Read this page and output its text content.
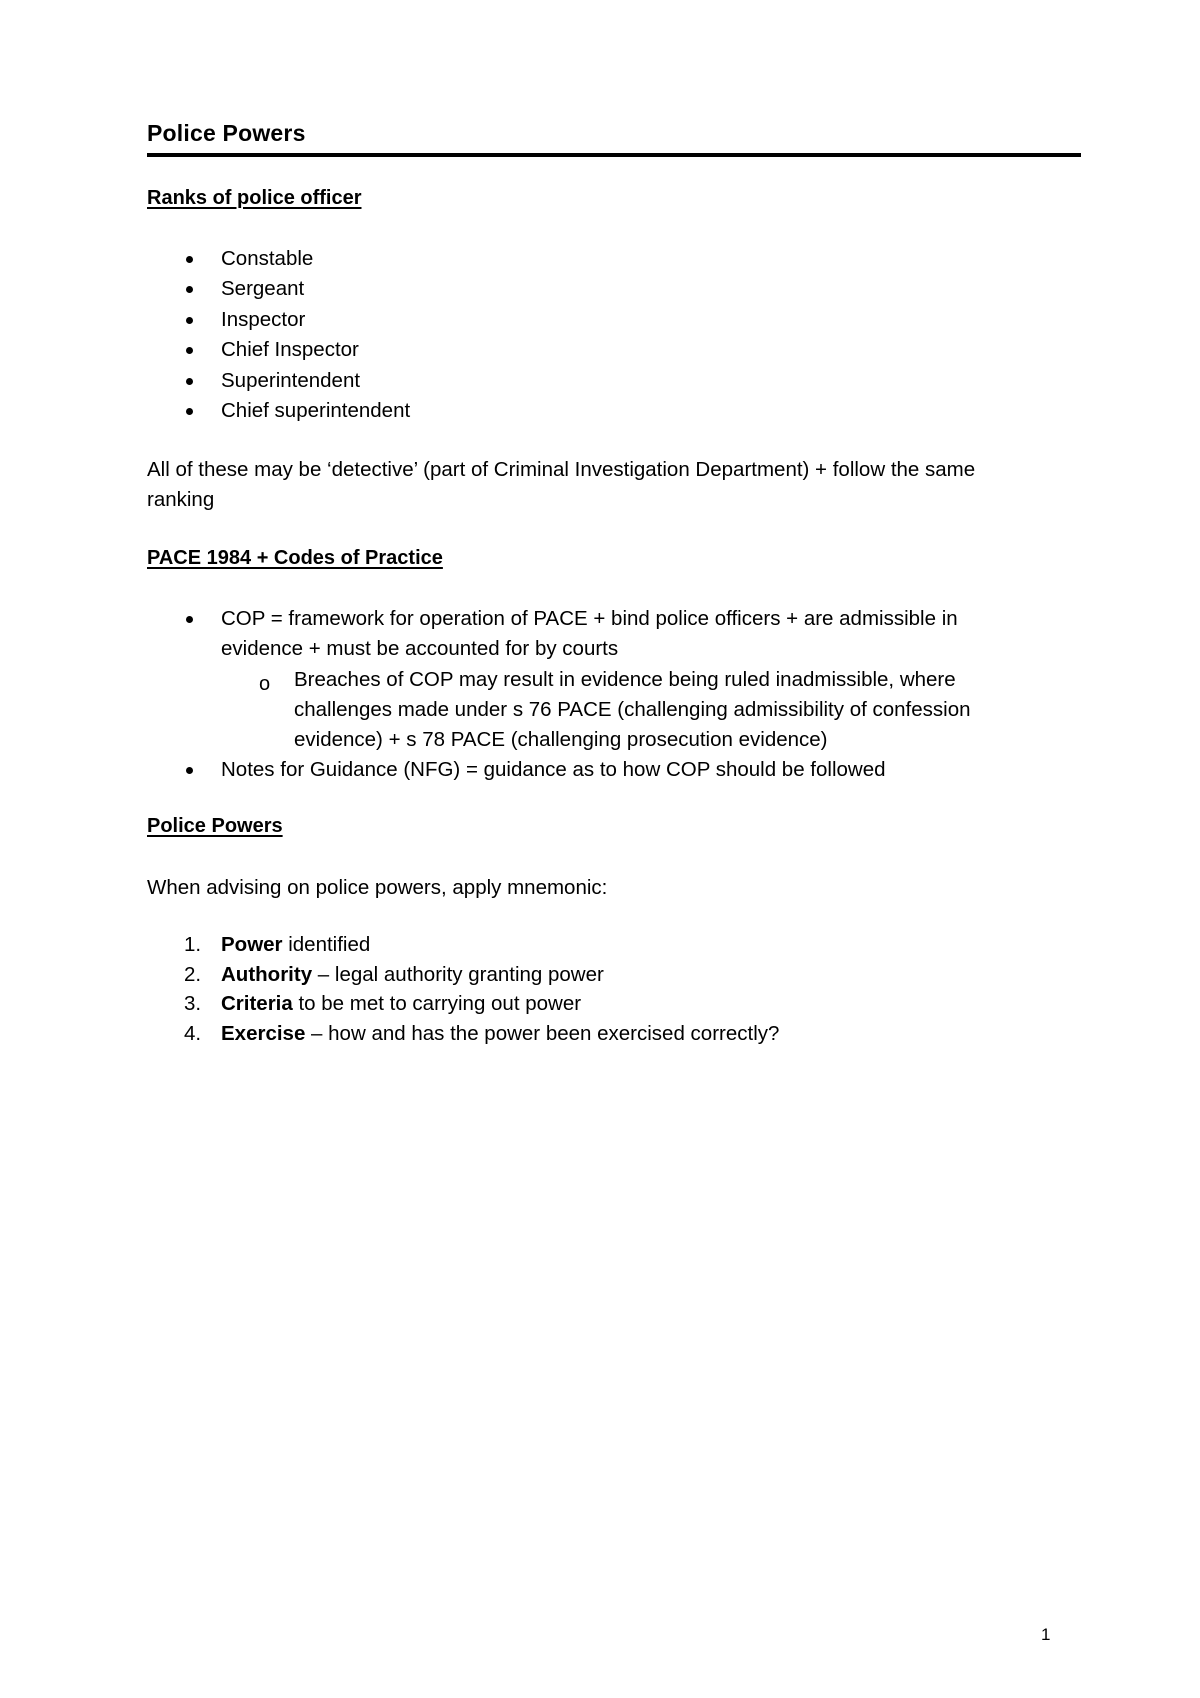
Police Powers
Ranks of police officer
Constable
Sergeant
Inspector
Chief Inspector
Superintendent
Chief superintendent
All of these may be ‘detective’ (part of Criminal Investigation Department) + follow the same ranking
PACE 1984 + Codes of Practice
COP = framework for operation of PACE + bind police officers + are admissible in evidence + must be accounted for by courts
o Breaches of COP may result in evidence being ruled inadmissible, where challenges made under s 76 PACE (challenging admissibility of confession evidence) + s 78 PACE (challenging prosecution evidence)
Notes for Guidance (NFG) = guidance as to how COP should be followed
Police Powers
When advising on police powers, apply mnemonic:
1. Power identified
2. Authority – legal authority granting power
3. Criteria to be met to carrying out power
4. Exercise – how and has the power been exercised correctly?
1
